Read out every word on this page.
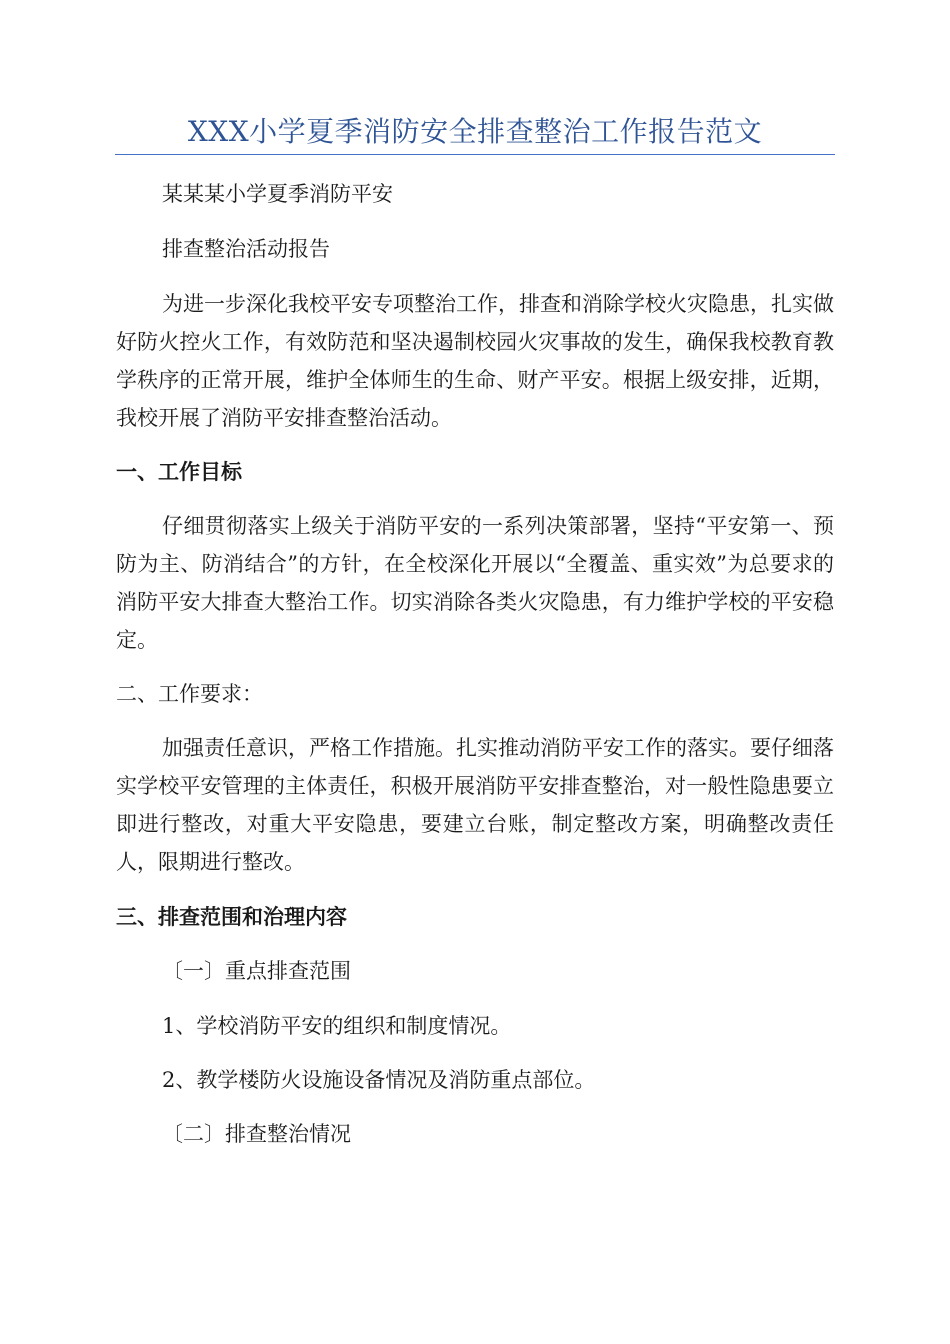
XXX小学夏季消防安全排查整治工作报告范文
某某某小学夏季消防平安
排查整治活动报告
为进一步深化我校平安专项整治工作，排查和消除学校火灾隐患，扎实做好防火控火工作，有效防范和坚决遏制校园火灾事故的发生，确保我校教育教学秩序的正常开展，维护全体师生的生命、财产平安。根据上级安排，近期，我校开展了消防平安排查整治活动。
一、工作目标
仔细贯彻落实上级关于消防平安的一系列决策部署，坚持“平安第一、预防为主、防消结合”的方针，在全校深化开展以“全覆盖、重实效”为总要求的消防平安大排查大整治工作。切实消除各类火灾隐患，有力维护学校的平安稳定。
二、工作要求：
加强责任意识，严格工作措施。扎实推动消防平安工作的落实。要仔细落实学校平安管理的主体责任，积极开展消防平安排查整治，对一般性隐患要立即进行整改，对重大平安隐患，要建立台账，制定整改方案，明确整改责任人，限期进行整改。
三、排查范围和治理内容
〔一〕重点排查范围
1、学校消防平安的组织和制度情况。
2、教学楼防火设施设备情况及消防重点部位。
〔二〕排查整治情况
